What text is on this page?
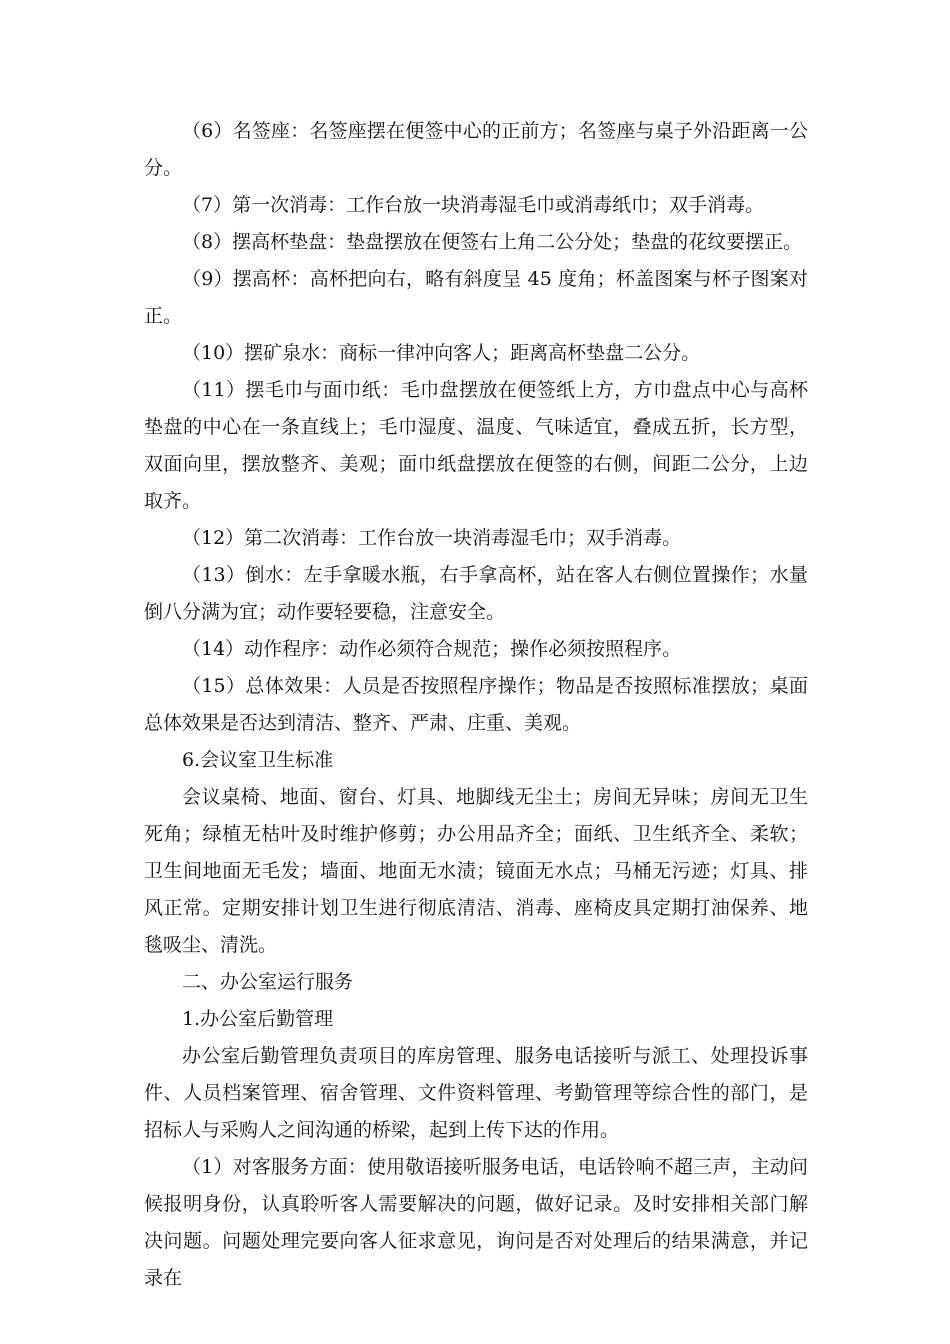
（6）名签座：名签座摆在便签中心的正前方；名签座与桌子外沿距离一公分。

（7）第一次消毒：工作台放一块消毒湿毛巾或消毒纸巾；双手消毒。

（8）摆高杯垫盘：垫盘摆放在便签右上角二公分处；垫盘的花纹要摆正。

（9）摆高杯：高杯把向右，略有斜度呈 45 度角；杯盖图案与杯子图案对正。

（10）摆矿泉水：商标一律冲向客人；距离高杯垫盘二公分。

（11）摆毛巾与面巾纸：毛巾盘摆放在便签纸上方，方巾盘点中心与高杯垫盘的中心在一条直线上；毛巾湿度、温度、气味适宜，叠成五折，长方型，双面向里，摆放整齐、美观；面巾纸盘摆放在便签的右侧，间距二公分，上边取齐。

（12）第二次消毒：工作台放一块消毒湿毛巾；双手消毒。

（13）倒水：左手拿暖水瓶，右手拿高杯，站在客人右侧位置操作；水量倒八分满为宜；动作要轻要稳，注意安全。

（14）动作程序：动作必须符合规范；操作必须按照程序。

（15）总体效果：人员是否按照程序操作；物品是否按照标准摆放；桌面总体效果是否达到清洁、整齐、严肃、庄重、美观。

6.会议室卫生标准

会议桌椅、地面、窗台、灯具、地脚线无尘土；房间无异味；房间无卫生死角；绿植无枯叶及时维护修剪；办公用品齐全；面纸、卫生纸齐全、柔软；卫生间地面无毛发；墙面、地面无水渍；镜面无水点；马桶无污迹；灯具、排风正常。定期安排计划卫生进行彻底清洁、消毒、座椅皮具定期打油保养、地毯吸尘、清洗。

二、办公室运行服务

1.办公室后勤管理

办公室后勤管理负责项目的库房管理、服务电话接听与派工、处理投诉事件、人员档案管理、宿舍管理、文件资料管理、考勤管理等综合性的部门，是招标人与采购人之间沟通的桥梁，起到上传下达的作用。

（1）对客服务方面：使用敬语接听服务电话，电话铃响不超三声，主动问候报明身份，认真聆听客人需要解决的问题，做好记录。及时安排相关部门解决问题。问题处理完要向客人征求意见，询问是否对处理后的结果满意，并记录在
